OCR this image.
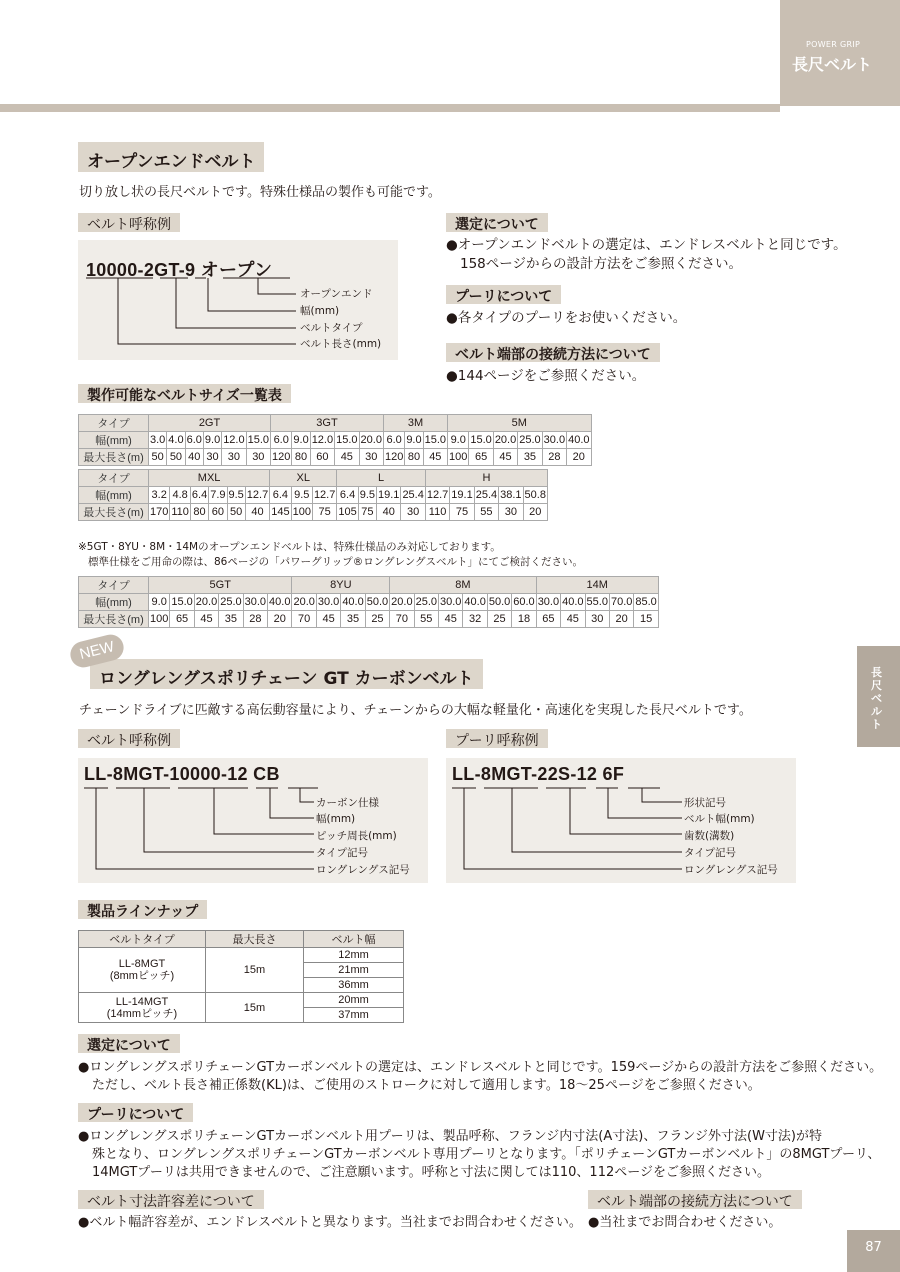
POWER GRIP
長尺ベルト
長尺ベルト
87
オープンエンドベルト
切り放し状の長尺ベルトです。特殊仕様品の製作も可能です。
ベルト呼称例
10000-2GT-9 オープン
オープンエンド
幅(mm)
ベルトタイプ
ベルト長さ(mm)
選定について
●オープンエンドベルトの選定は、エンドレスベルトと同じです。
158ページからの設計方法をご参照ください。
プーリについて
●各タイプのプーリをお使いください。
ベルト端部の接続方法について
●144ページをご参照ください。
製作可能なベルトサイズ一覧表
タイプ	2GT						3GT					3M			5M					
幅(mm)	3.0	4.0	6.0	9.0	12.0	15.0	6.0	9.0	12.0	15.0	20.0	6.0	9.0	15.0	9.0	15.0	20.0	25.0	30.0	40.0
最大長さ(m)	50	50	40	30	30	30	120	80	60	45	30	120	80	45	100	65	45	35	28	20
タイプ	MXL						XL			L				H				
幅(mm)	3.2	4.8	6.4	7.9	9.5	12.7	6.4	9.5	12.7	6.4	9.5	19.1	25.4	12.7	19.1	25.4	38.1	50.8
最大長さ(m)	170	110	80	60	50	40	145	100	75	105	75	40	30	110	75	55	30	20
※5GT・8YU・8M・14Mのオープンエンドベルトは、特殊仕様品のみ対応しております。
標準仕様をご用命の際は、86ページの「パワーグリップ®ロングレングスベルト」にてご検討ください。
タイプ	5GT						8YU				8M						14M				
幅(mm)	9.0	15.0	20.0	25.0	30.0	40.0	20.0	30.0	40.0	50.0	20.0	25.0	30.0	40.0	50.0	60.0	30.0	40.0	55.0	70.0	85.0
最大長さ(m)	100	65	45	35	28	20	70	45	35	25	70	55	45	32	25	18	65	45	30	20	15
ロングレングスポリチェーン GT カーボンベルト
NEW
チェーンドライブに匹敵する高伝動容量により、チェーンからの大幅な軽量化・高速化を実現した長尺ベルトです。
ベルト呼称例
LL-8MGT-10000-12 CB
カーボン仕様
幅(mm)
ピッチ周長(mm)
タイプ記号
ロングレングス記号
プーリ呼称例
LL-8MGT-22S-12 6F
形状記号
ベルト幅(mm)
歯数(溝数)
タイプ記号
ロングレングス記号
製品ラインナップ
ベルトタイプ	最大長さ	ベルト幅
LL-8MGT
(8mmピッチ)	15m	12mm
		21mm
		36mm
LL-14MGT
(14mmピッチ)	15m	20mm
		37mm
選定について
●ロングレングスポリチェーンGTカーボンベルトの選定は、エンドレスベルトと同じです。159ページからの設計方法をご参照ください。
ただし、ベルト長さ補正係数(KL)は、ご使用のストロークに対して適用します。18〜25ページをご参照ください。
プーリについて
●ロングレングスポリチェーンGTカーボンベルト用プーリは、製品呼称、フランジ内寸法(A寸法)、フランジ外寸法(W寸法)が特
殊となり、ロングレングスポリチェーンGTカーボンベルト専用プーリとなります。「ポリチェーンGTカーボンベルト」の8MGTプーリ、
14MGTプーリは共用できませんので、ご注意願います。呼称と寸法に関しては110、112ページをご参照ください。
ベルト寸法許容差について
●ベルト幅許容差が、エンドレスベルトと異なります。当社までお問合わせください。
ベルト端部の接続方法について
●当社までお問合わせください。
